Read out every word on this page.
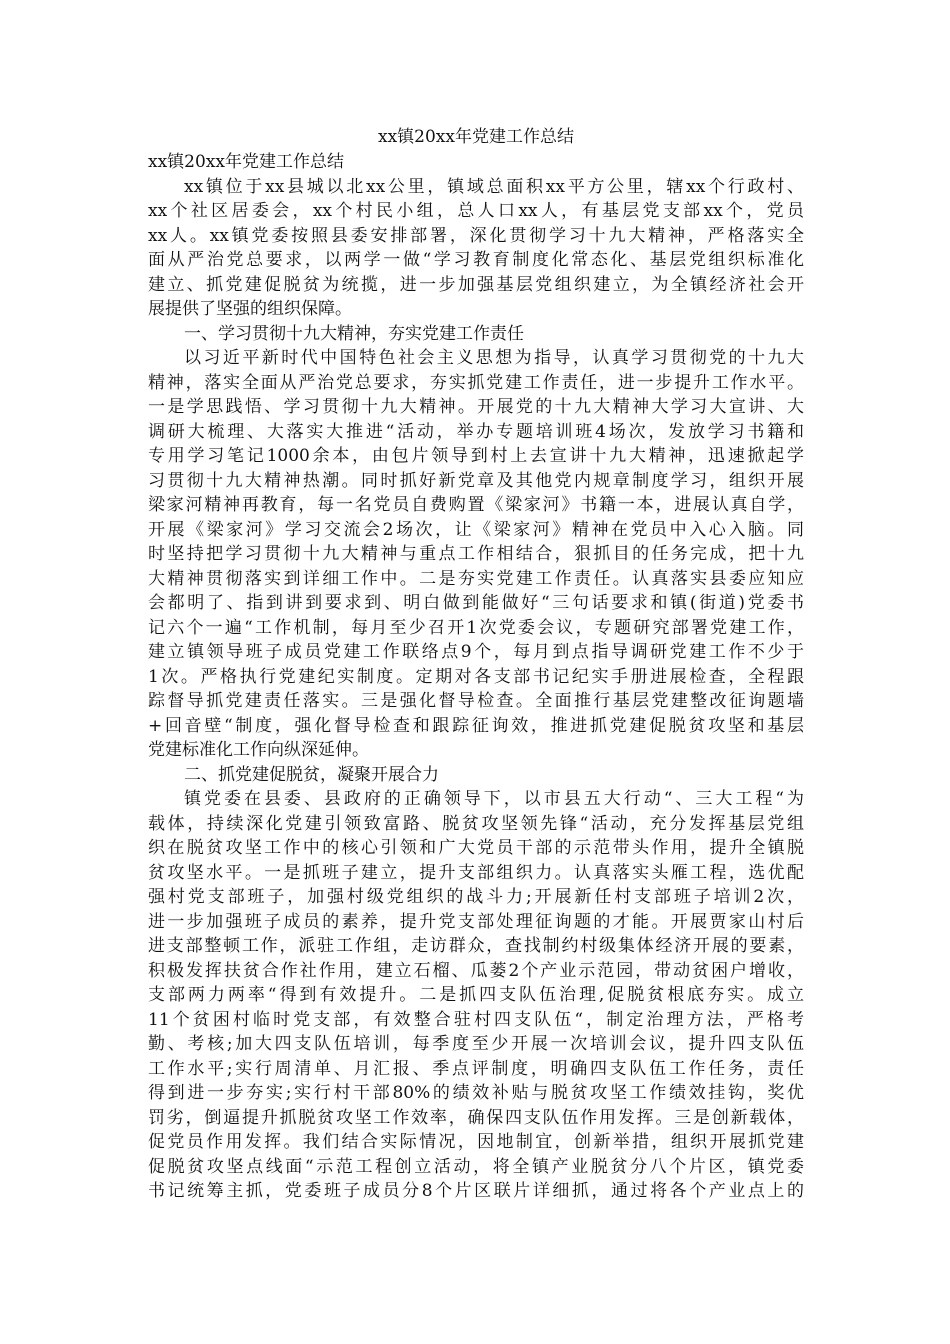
xx镇20xx年党建工作总结
xx镇20xx年党建工作总结
xx镇位于xx县城以北xx公里，镇域总面积xx平方公里，辖xx个行政村、
xx个社区居委会，xx个村民小组，总人口xx人，有基层党支部xx个，党员
xx人。xx镇党委按照县委安排部署，深化贯彻学习十九大精神，严格落实全
面从严治党总要求，以两学一做“学习教育制度化常态化、基层党组织标准化
建立、抓党建促脱贫为统揽，进一步加强基层党组织建立，为全镇经济社会开
展提供了坚强的组织保障。
一、学习贯彻十九大精神，夯实党建工作责任
以习近平新时代中国特色社会主义思想为指导，认真学习贯彻党的十九大
精神，落实全面从严治党总要求，夯实抓党建工作责任，进一步提升工作水平。
一是学思践悟、学习贯彻十九大精神。开展党的十九大精神大学习大宣讲、大
调研大梳理、大落实大推进“活动，举办专题培训班4场次，发放学习书籍和
专用学习笔记1000余本，由包片领导到村上去宣讲十九大精神，迅速掀起学
习贯彻十九大精神热潮。同时抓好新党章及其他党内规章制度学习，组织开展
梁家河精神再教育，每一名党员自费购置《梁家河》书籍一本，进展认真自学，
开展《梁家河》学习交流会2场次，让《梁家河》精神在党员中入心入脑。同
时坚持把学习贯彻十九大精神与重点工作相结合，狠抓目的任务完成，把十九
大精神贯彻落实到详细工作中。二是夯实党建工作责任。认真落实县委应知应
会都明了、指到讲到要求到、明白做到能做好“三句话要求和镇(街道)党委书
记六个一遍“工作机制，每月至少召开1次党委会议，专题研究部署党建工作，
建立镇领导班子成员党建工作联络点9个，每月到点指导调研党建工作不少于
1次。严格执行党建纪实制度。定期对各支部书记纪实手册进展检查，全程跟
踪督导抓党建责任落实。三是强化督导检查。全面推行基层党建整改征询题墙
+回音壁“制度，强化督导检查和跟踪征询效，推进抓党建促脱贫攻坚和基层
党建标准化工作向纵深延伸。
二、抓党建促脱贫，凝聚开展合力
镇党委在县委、县政府的正确领导下，以市县五大行动“、三大工程“为
载体，持续深化党建引领致富路、脱贫攻坚领先锋“活动，充分发挥基层党组
织在脱贫攻坚工作中的核心引领和广大党员干部的示范带头作用，提升全镇脱
贫攻坚水平。一是抓班子建立，提升支部组织力。认真落实头雁工程，选优配
强村党支部班子，加强村级党组织的战斗力;开展新任村支部班子培训2次，
进一步加强班子成员的素养，提升党支部处理征询题的才能。开展贾家山村后
进支部整顿工作，派驻工作组，走访群众，查找制约村级集体经济开展的要素，
积极发挥扶贫合作社作用，建立石榴、瓜蒌2个产业示范园，带动贫困户增收，
支部两力两率“得到有效提升。二是抓四支队伍治理,促脱贫根底夯实。成立
11个贫困村临时党支部，有效整合驻村四支队伍“，制定治理方法，严格考
勤、考核;加大四支队伍培训，每季度至少开展一次培训会议，提升四支队伍
工作水平;实行周清单、月汇报、季点评制度，明确四支队伍工作任务，责任
得到进一步夯实;实行村干部80%的绩效补贴与脱贫攻坚工作绩效挂钩，奖优
罚劣，倒逼提升抓脱贫攻坚工作效率，确保四支队伍作用发挥。三是创新载体，
促党员作用发挥。我们结合实际情况，因地制宜，创新举措，组织开展抓党建
促脱贫攻坚点线面“示范工程创立活动，将全镇产业脱贫分八个片区，镇党委
书记统筹主抓，党委班子成员分8个片区联片详细抓，通过将各个产业点上的
